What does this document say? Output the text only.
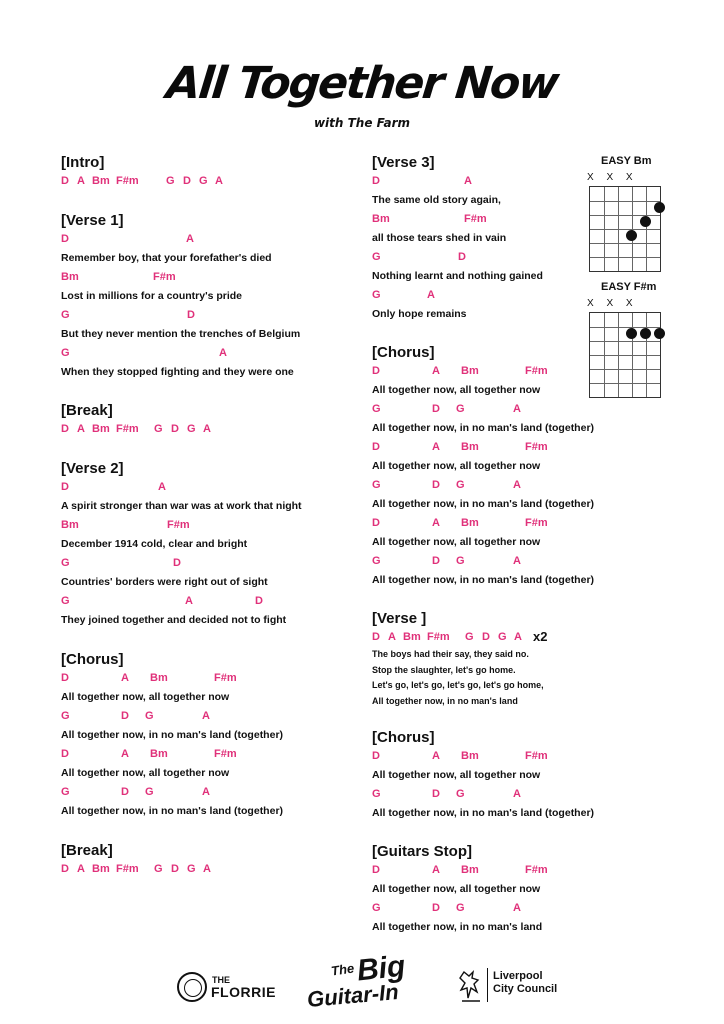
All Together Now
with The Farm
[Intro]
D A Bm F#m G D G A
[Verse 1]
D	A
Remember boy, that your forefather's died
Bm	F#m
Lost in millions for a country's pride
G	D
But they never mention the trenches of Belgium
G	A
When they stopped fighting and they were one
[Break]
D A Bm F#m G D G A
[Verse 2]
D	A
A spirit stronger than war was at work that night
Bm	F#m
December 1914 cold, clear and bright
G	D
Countries' borders were right out of sight
G	A	D
They joined together and decided not to fight
[Chorus]
D	A Bm	F#m
All together now, all together now
G	D G	A
All together now, in no man's land (together)
D	A Bm	F#m
All together now, all together now
G	D G	A
All together now, in no man's land (together)
[Break]
D A Bm F#m G D G A
[Verse 3]
D	A
The same old story again,
Bm	F#m
all those tears shed in vain
G	D
Nothing learnt and nothing gained
G	A
Only hope remains
[Chorus]
D	A Bm	F#m
All together now, all together now
G	D G	A
All together now, in no man's land (together)
D	A Bm	F#m
All together now, all together now
G	D G	A
All together now, in no man's land (together)
D	A Bm	F#m
All together now, all together now
G	D G	A
All together now, in no man's land (together)
[Verse ]
D A Bm F#m G D G A x2
The boys had their say, they said no.
Stop the slaughter, let's go home.
Let's go, let's go, let's go, let's go home,
All together now, in no man's land
[Chorus]
D	A Bm	F#m
All together now, all together now
G	D G	A
All together now, in no man's land (together)
[Guitars Stop]
D	A Bm	F#m
All together now, all together now
G	D G	A
All together now, in no man's land
EASY Bm
X X X
EASY F#m
X X X
THE
FLORRIE
The Big
Guitar-In
Liverpool
City Council
